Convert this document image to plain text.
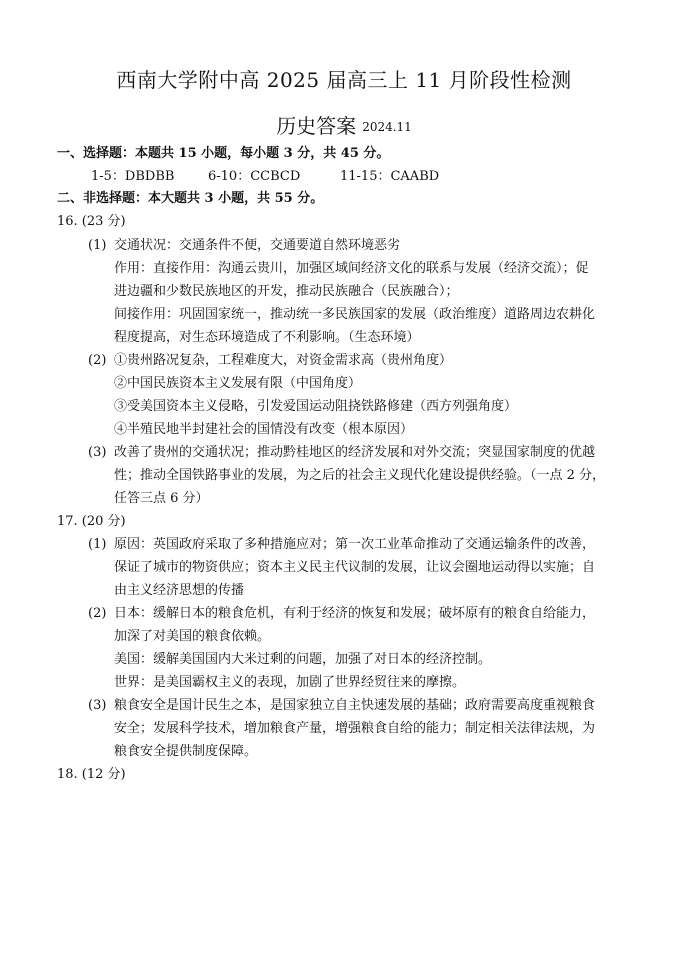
西南大学附中高 2025 届高三上 11 月阶段性检测
历史答案 2024.11
一、选择题：本题共 15 小题，每小题 3 分，共 45 分。
1-5：DBDBB	6-10：CCBCD	11-15：CAABD
二、非选择题：本大题共 3 小题，共 55 分。
16. (23 分)
(1) 交通状况：交通条件不便，交通要道自然环境恶劣
作用：直接作用：沟通云贵川，加强区域间经济文化的联系与发展（经济交流）；促
进边疆和少数民族地区的开发，推动民族融合（民族融合）；
间接作用：巩固国家统一，推动统一多民族国家的发展（政治维度）道路周边农耕化
程度提高，对生态环境造成了不利影响。（生态环境）
(2) ①贵州路况复杂，工程难度大，对资金需求高（贵州角度）
②中国民族资本主义发展有限（中国角度）
③受美国资本主义侵略，引发爱国运动阻挠铁路修建（西方列强角度）
④半殖民地半封建社会的国情没有改变（根本原因）
(3) 改善了贵州的交通状况；推动黔桂地区的经济发展和对外交流；突显国家制度的优越
性；推动全国铁路事业的发展，为之后的社会主义现代化建设提供经验。（一点 2 分，
任答三点 6 分）
17. (20 分)
(1) 原因：英国政府采取了多种措施应对；第一次工业革命推动了交通运输条件的改善，
保证了城市的物资供应；资本主义民主代议制的发展，让议会圈地运动得以实施；自
由主义经济思想的传播
(2) 日本：缓解日本的粮食危机，有利于经济的恢复和发展；破坏原有的粮食自给能力，
加深了对美国的粮食依赖。
美国：缓解美国国内大米过剩的问题，加强了对日本的经济控制。
世界：是美国霸权主义的表现，加剧了世界经贸往来的摩擦。
(3) 粮食安全是国计民生之本，是国家独立自主快速发展的基础；政府需要高度重视粮食
安全；发展科学技术，增加粮食产量，增强粮食自给的能力；制定相关法律法规，为
粮食安全提供制度保障。
18. (12 分)
